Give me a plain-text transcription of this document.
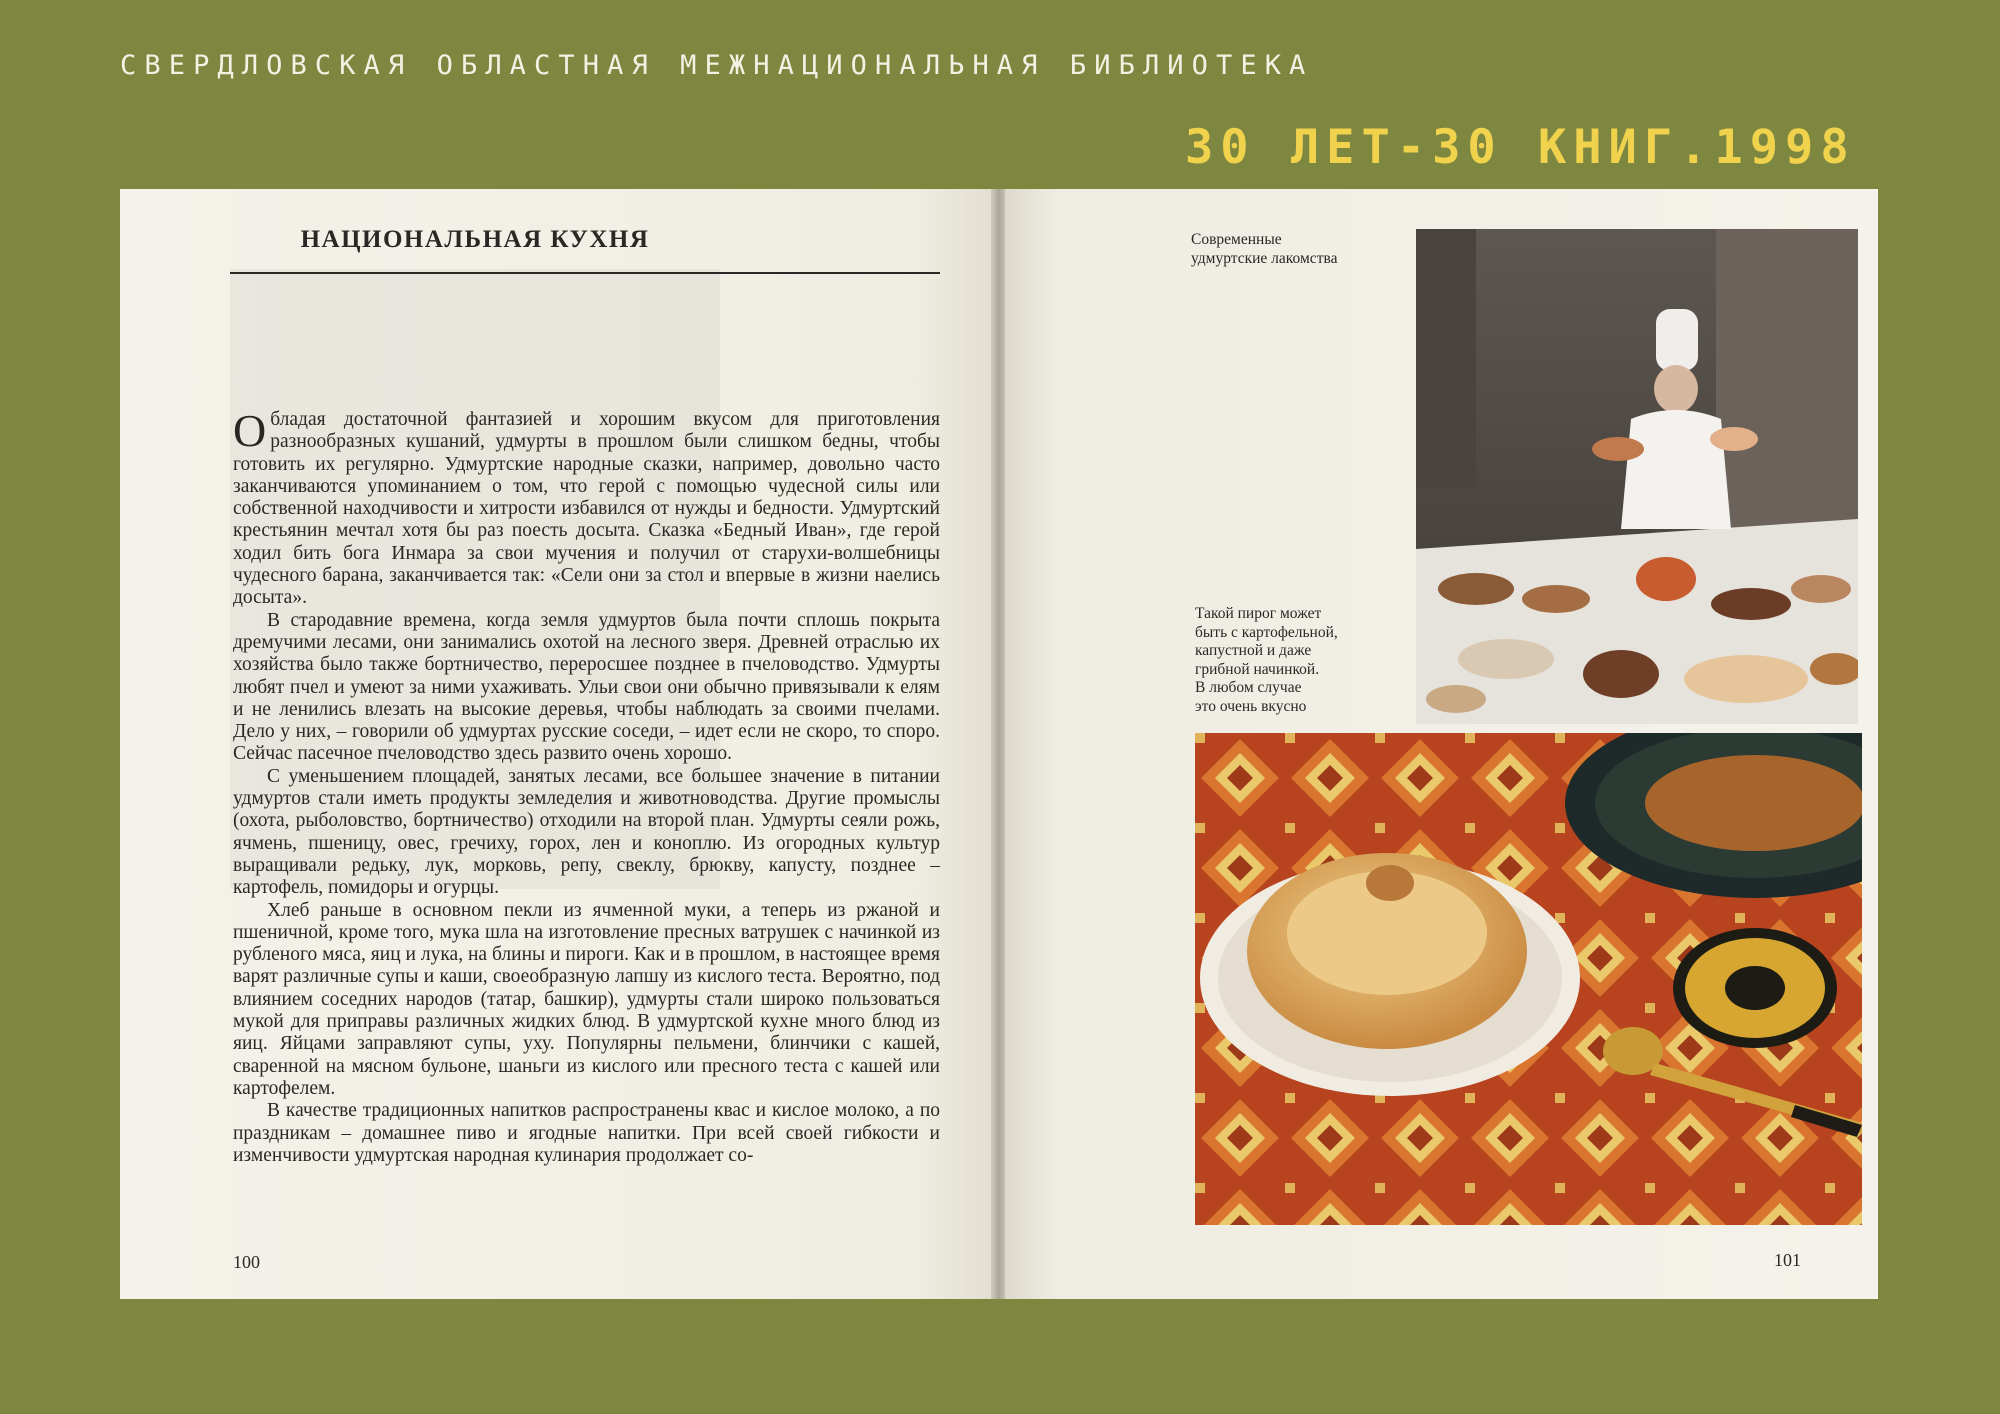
СВЕРДЛОВСКАЯ ОБЛАСТНАЯ МЕЖНАЦИОНАЛЬНАЯ БИБЛИОТЕКА
30 ЛЕТ-30 КНИГ.1998
НАЦИОНАЛЬНАЯ КУХНЯ

Обладая достаточной фантазией и хорошим вкусом для приготовления разнообразных кушаний, удмурты в прошлом были слишком бедны, чтобы готовить их регулярно. Удмуртские народные сказки, например, довольно часто заканчиваются упоминанием о том, что герой с помощью чудесной силы или собственной находчивости и хитрости избавился от нужды и бедности. Удмуртский крестьянин мечтал хотя бы раз поесть досыта. Сказка «Бедный Иван», где герой ходил бить бога Инмара за свои мучения и получил от старухи-волшебницы чудесного барана, заканчивается так: «Сели они за стол и впервые в жизни наелись досыта».

В стародавние времена, когда земля удмуртов была почти сплошь покрыта дремучими лесами, они занимались охотой на лесного зверя. Древней отраслью их хозяйства было также бортничество, переросшее позднее в пчеловодство. Удмурты любят пчел и умеют за ними ухаживать. Ульи свои они обычно привязывали к елям и не ленились влезать на высокие деревья, чтобы наблюдать за своими пчелами. Дело у них, – говорили об удмуртах русские соседи, – идет если не скоро, то споро. Сейчас пасечное пчеловодство здесь развито очень хорошо.

С уменьшением площадей, занятых лесами, все большее значение в питании удмуртов стали иметь продукты земледелия и животноводства. Другие промыслы (охота, рыболовство, бортничество) отходили на второй план. Удмурты сеяли рожь, ячмень, пшеницу, овес, гречиху, горох, лен и коноплю. Из огородных культур выращивали редьку, лук, морковь, репу, свеклу, брюкву, капусту, позднее – картофель, помидоры и огурцы.

Хлеб раньше в основном пекли из ячменной муки, а теперь из ржаной и пшеничной, кроме того, мука шла на изготовление пресных ватрушек с начинкой из рубленого мяса, яиц и лука, на блины и пироги. Как и в прошлом, в настоящее время варят различные супы и каши, своеобразную лапшу из кислого теста. Вероятно, под влиянием соседних народов (татар, башкир), удмурты стали широко пользоваться мукой для приправы различных жидких блюд. В удмуртской кухне много блюд из яиц. Яйцами заправляют супы, уху. Популярны пельмени, блинчики с кашей, сваренной на мясном бульоне, шаньги из кислого или пресного теста с кашей или картофелем.

В качестве традиционных напитков распространены квас и кислое молоко, а по праздникам – домашнее пиво и ягодные напитки. При всей своей гибкости и изменчивости удмуртская народная кулинария продолжает со-

100
Современные
удмуртские лакомства
Такой пирог может
быть с картофельной,
капустной и даже
грибной начинкой.
В любом случае
это очень вкусно
101
